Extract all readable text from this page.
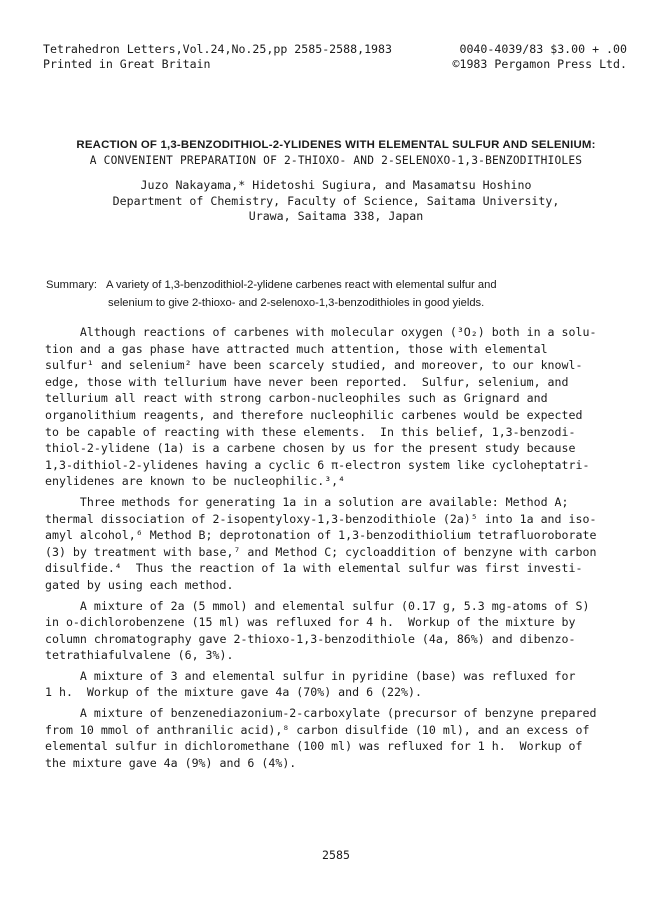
Tetrahedron Letters,Vol.24,No.25,pp 2585-2588,1983	0040-4039/83 $3.00 + .00
Printed in Great Britain	©1983 Pergamon Press Ltd.
REACTION OF 1,3-BENZODITHIOL-2-YLIDENES WITH ELEMENTAL SULFUR AND SELENIUM:
A CONVENIENT PREPARATION OF 2-THIOXO- AND 2-SELENOXO-1,3-BENZODITHIOLES
Juzo Nakayama,* Hidetoshi Sugiura, and Masamatsu Hoshino
Department of Chemistry, Faculty of Science, Saitama University,
Urawa, Saitama 338, Japan
Summary: A variety of 1,3-benzodithiol-2-ylidene carbenes react with elemental sulfur and
selenium to give 2-thioxo- and 2-selenoxo-1,3-benzodithioles in good yields.
Although reactions of carbenes with molecular oxygen (³O₂) both in a solu-
tion and a gas phase have attracted much attention, those with elemental
sulfur¹ and selenium² have been scarcely studied, and moreover, to our knowl-
edge, those with tellurium have never been reported.  Sulfur, selenium, and
tellurium all react with strong carbon-nucleophiles such as Grignard and
organolithium reagents, and therefore nucleophilic carbenes would be expected
to be capable of reacting with these elements.  In this belief, 1,3-benzodi-
thiol-2-ylidene (1a) is a carbene chosen by us for the present study because
1,3-dithiol-2-ylidenes having a cyclic 6 π-electron system like cycloheptatri-
enylidenes are known to be nucleophilic.³,⁴
Three methods for generating 1a in a solution are available: Method A;
thermal dissociation of 2-isopentyloxy-1,3-benzodithiole (2a)⁵ into 1a and iso-
amyl alcohol,⁶ Method B; deprotonation of 1,3-benzodithiolium tetrafluoroborate
(3) by treatment with base,⁷ and Method C; cycloaddition of benzyne with carbon
disulfide.⁴  Thus the reaction of 1a with elemental sulfur was first investi-
gated by using each method.
A mixture of 2a (5 mmol) and elemental sulfur (0.17 g, 5.3 mg-atoms of S)
in o-dichlorobenzene (15 ml) was refluxed for 4 h.  Workup of the mixture by
column chromatography gave 2-thioxo-1,3-benzodithiole (4a, 86%) and dibenzo-
tetrathiafulvalene (6, 3%).
A mixture of 3 and elemental sulfur in pyridine (base) was refluxed for
1 h.  Workup of the mixture gave 4a (70%) and 6 (22%).
A mixture of benzenediazonium-2-carboxylate (precursor of benzyne prepared
from 10 mmol of anthranilic acid),⁸ carbon disulfide (10 ml), and an excess of
elemental sulfur in dichloromethane (100 ml) was refluxed for 1 h.  Workup of
the mixture gave 4a (9%) and 6 (4%).
2585
